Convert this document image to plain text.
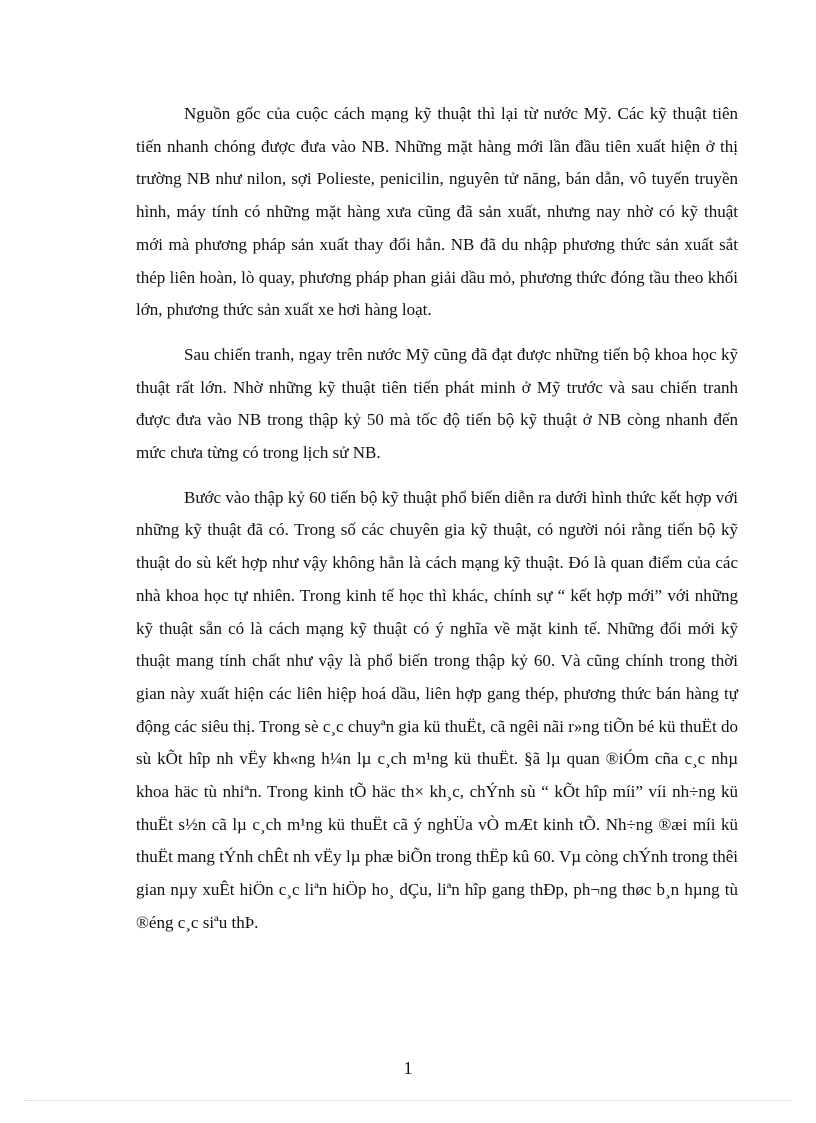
Nguồn gốc của cuộc cách mạng kỹ thuật thì lại từ nước Mỹ. Các kỹ thuật tiên tiến nhanh chóng được đưa vào NB. Những mặt hàng mới lần đầu tiên xuất hiện ở thị trường NB như nilon, sợi Polieste, penicilin, nguyên tử năng, bán dẫn, vô tuyến truyền hình, máy tính có những mặt hàng xưa cũng đã sản xuất, nhưng nay nhờ có kỹ thuật mới mà phương pháp sản xuất thay đổi hẳn. NB đã du nhập phương thức sản xuất sắt thép liên hoàn, lò quay, phương pháp phan giải dầu mỏ, phương thức đóng tầu theo khối lớn, phương thức sản xuất xe hơi hàng loạt.

Sau chiến tranh, ngay trên nước Mỹ cũng đã đạt được những tiến bộ khoa học kỹ thuật rất lớn. Nhờ những kỹ thuật tiên tiến phát minh ở Mỹ trước và sau chiến tranh được đưa vào NB trong thập kỷ 50 mà tốc độ tiến bộ kỹ thuật ở NB còng nhanh đến mức chưa từng có trong lịch sử NB.

Bước vào thập kỷ 60 tiến bộ kỹ thuật phổ biến diễn ra dưới hình thức kết hợp với những kỹ thuật đã có. Trong số các chuyên gia kỹ thuật, có người nói rằng tiến bộ kỹ thuật do sù kết hợp như vậy không hẳn là cách mạng kỹ thuật. Đó là quan điểm của các nhà khoa học tự nhiên. Trong kinh tế học thì khác, chính sự “ kết hợp mới” với những kỹ thuật sẵn có là cách mạng kỹ thuật có ý nghĩa về mặt kinh tế. Những đổi mới kỹ thuật mang tính chất như vậy là phổ biến trong thập kỷ 60. Và cũng chính trong thời gian này xuất hiện các liên hiệp hoá dầu, liên hợp gang thép, phương thức bán hàng tự động các siêu thị. Trong sè c¸c chuyªn gia kü thuËt, cã ngêi nãi r»ng tiÕn bé kü thuËt do sù kÕt hîp nh vËy kh«ng h¼n lµ c¸ch m¹ng kü thuËt. §ã lµ quan ®iÓm cña c¸c nhµ khoa häc tù nhiªn. Trong kinh tÕ häc th× kh¸c, chÝnh sù “ kÕt hîp míi” víi nh÷ng kü thuËt s½n cã lµ c¸ch m¹ng kü thuËt cã ý nghÜa vÒ mÆt kinh tÕ. Nh÷ng ®æi míi kü thuËt mang tÝnh chÊt nh vËy lµ phæ biÕn trong thËp kû 60. Vµ còng chÝnh trong thêi gian nµy xuÊt hiÖn c¸c liªn hiÖp ho¸ dÇu, liªn hîp gang thÐp, ph¬ng thøc b¸n hµng tù ®éng c¸c siªu thÞ.

1
